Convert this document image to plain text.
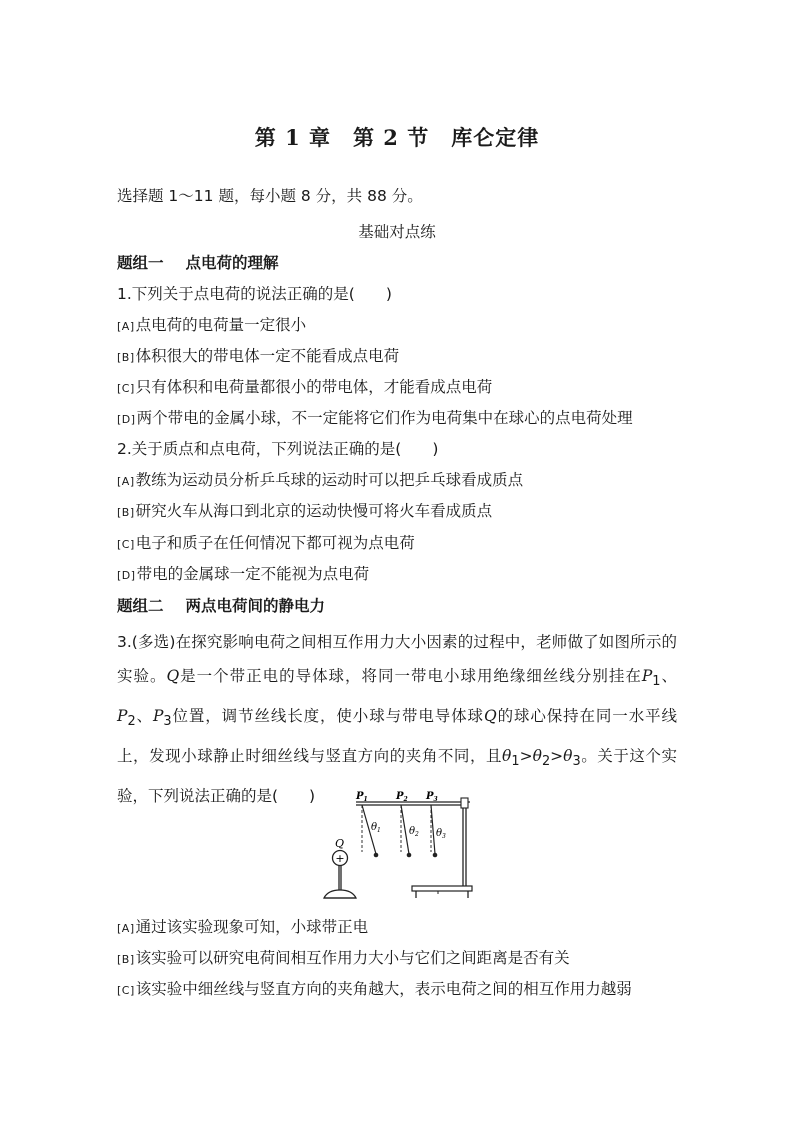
第 1 章　第 2 节　库仑定律
选择题 1～11 题，每小题 8 分，共 88 分。
基础对点练
题组一 点电荷的理解
1.下列关于点电荷的说法正确的是(　　)
[A]点电荷的电荷量一定很小
[B]体积很大的带电体一定不能看成点电荷
[C]只有体积和电荷量都很小的带电体，才能看成点电荷
[D]两个带电的金属小球，不一定能将它们作为电荷集中在球心的点电荷处理
2.关于质点和点电荷，下列说法正确的是(　　)
[A]教练为运动员分析乒乓球的运动时可以把乒乓球看成质点
[B]研究火车从海口到北京的运动快慢可将火车看成质点
[C]电子和质子在任何情况下都可视为点电荷
[D]带电的金属球一定不能视为点电荷
题组二 两点电荷间的静电力
3.(多选)在探究影响电荷之间相互作用力大小因素的过程中，老师做了如图所示的实验。Q是一个带正电的导体球，将同一带电小球用绝缘细丝线分别挂在$P_1$、$P_2$、$P_3$位置，调节丝线长度，使小球与带电导体球Q的球心保持在同一水平线上，发现小球静止时细丝线与竖直方向的夹角不同，且$\theta_1>\theta_2>\theta_3$。关于这个实验，下列说法正确的是(　　)
+
Q
$P_1$
$\theta_1$
$P_2$
$\theta_2$
$P_3$
$\theta_3$
[A]通过该实验现象可知，小球带正电
[B]该实验可以研究电荷间相互作用力大小与它们之间距离是否有关
[C]该实验中细丝线与竖直方向的夹角越大，表示电荷之间的相互作用力越弱
